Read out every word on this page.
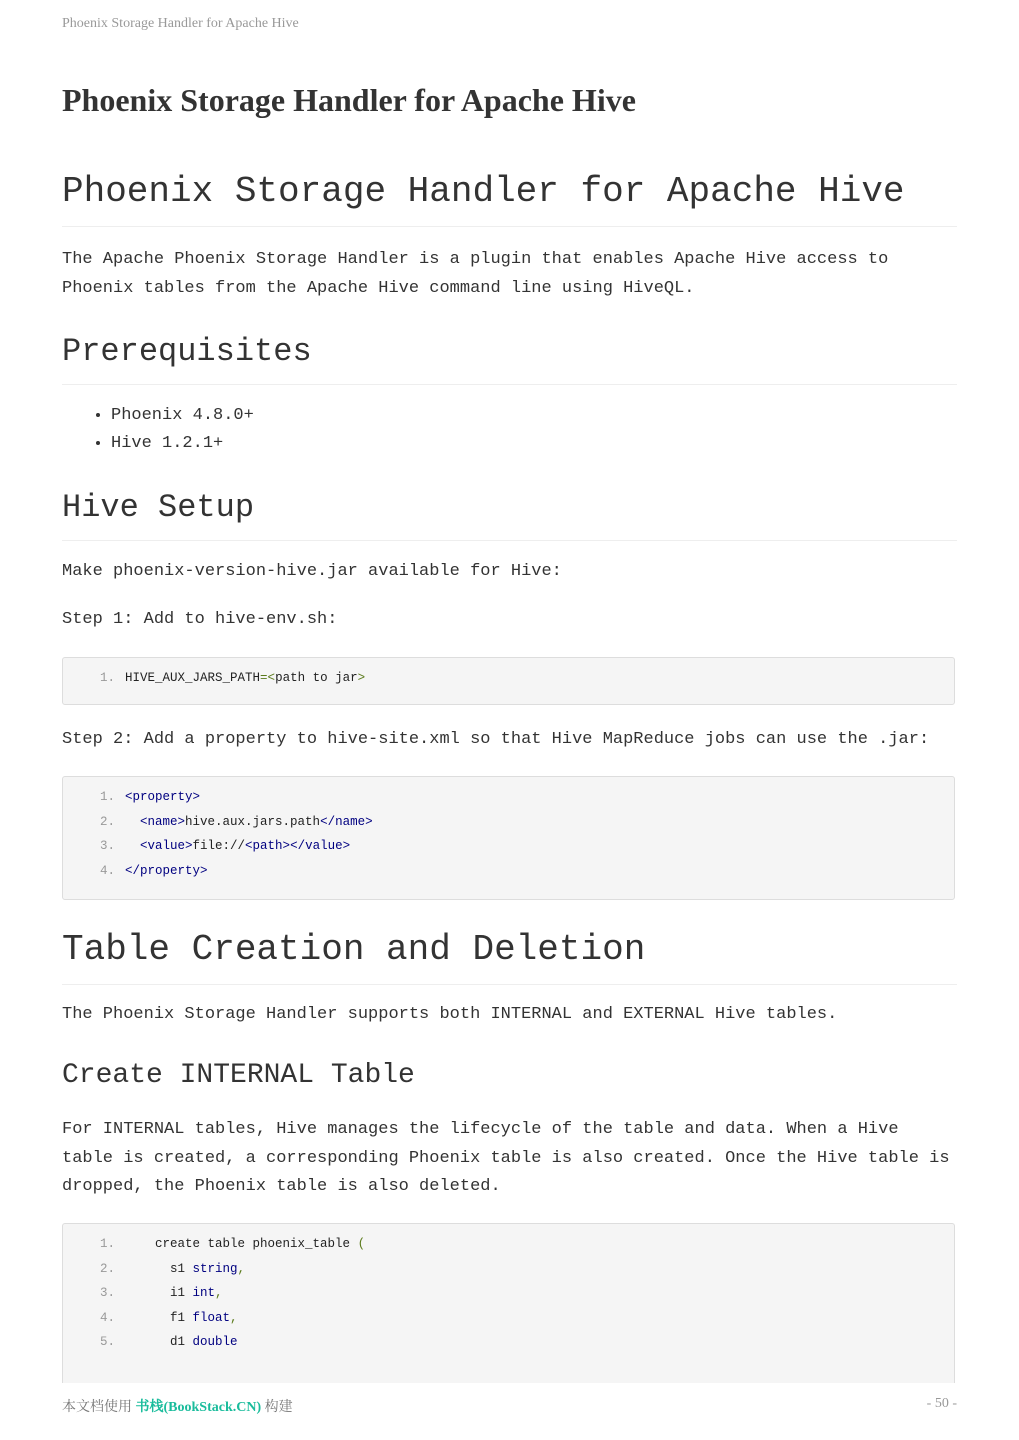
Phoenix Storage Handler for Apache Hive
Phoenix Storage Handler for Apache Hive
Phoenix Storage Handler for Apache Hive

The Apache Phoenix Storage Handler is a plugin that enables Apache Hive access to Phoenix tables from the Apache Hive command line using HiveQL.

Prerequisites
• Phoenix 4.8.0+
• Hive 1.2.1+
Hive Setup

Make phoenix-version-hive.jar available for Hive:

Step 1: Add to hive-env.sh:

1. HIVE_AUX_JARS_PATH=<path to jar>

Step 2: Add a property to hive-site.xml so that Hive MapReduce jobs can use the .jar:

1. <property>
2. <name>hive.aux.jars.path</name>
3. <value>file://<path></value>
4. </property>
Table Creation and Deletion

The Phoenix Storage Handler supports both INTERNAL and EXTERNAL Hive tables.

Create INTERNAL Table

For INTERNAL tables, Hive manages the lifecycle of the table and data. When a Hive table is created, a corresponding Phoenix table is also created. Once the Hive table is dropped, the Phoenix table is also deleted.

1.	create table phoenix_table (
2.	s1 string,
3.	i1 int,
4.	f1 float,
5.	d1 double
本文档使用 书栈(BookStack.CN) 构建	- 50 -
